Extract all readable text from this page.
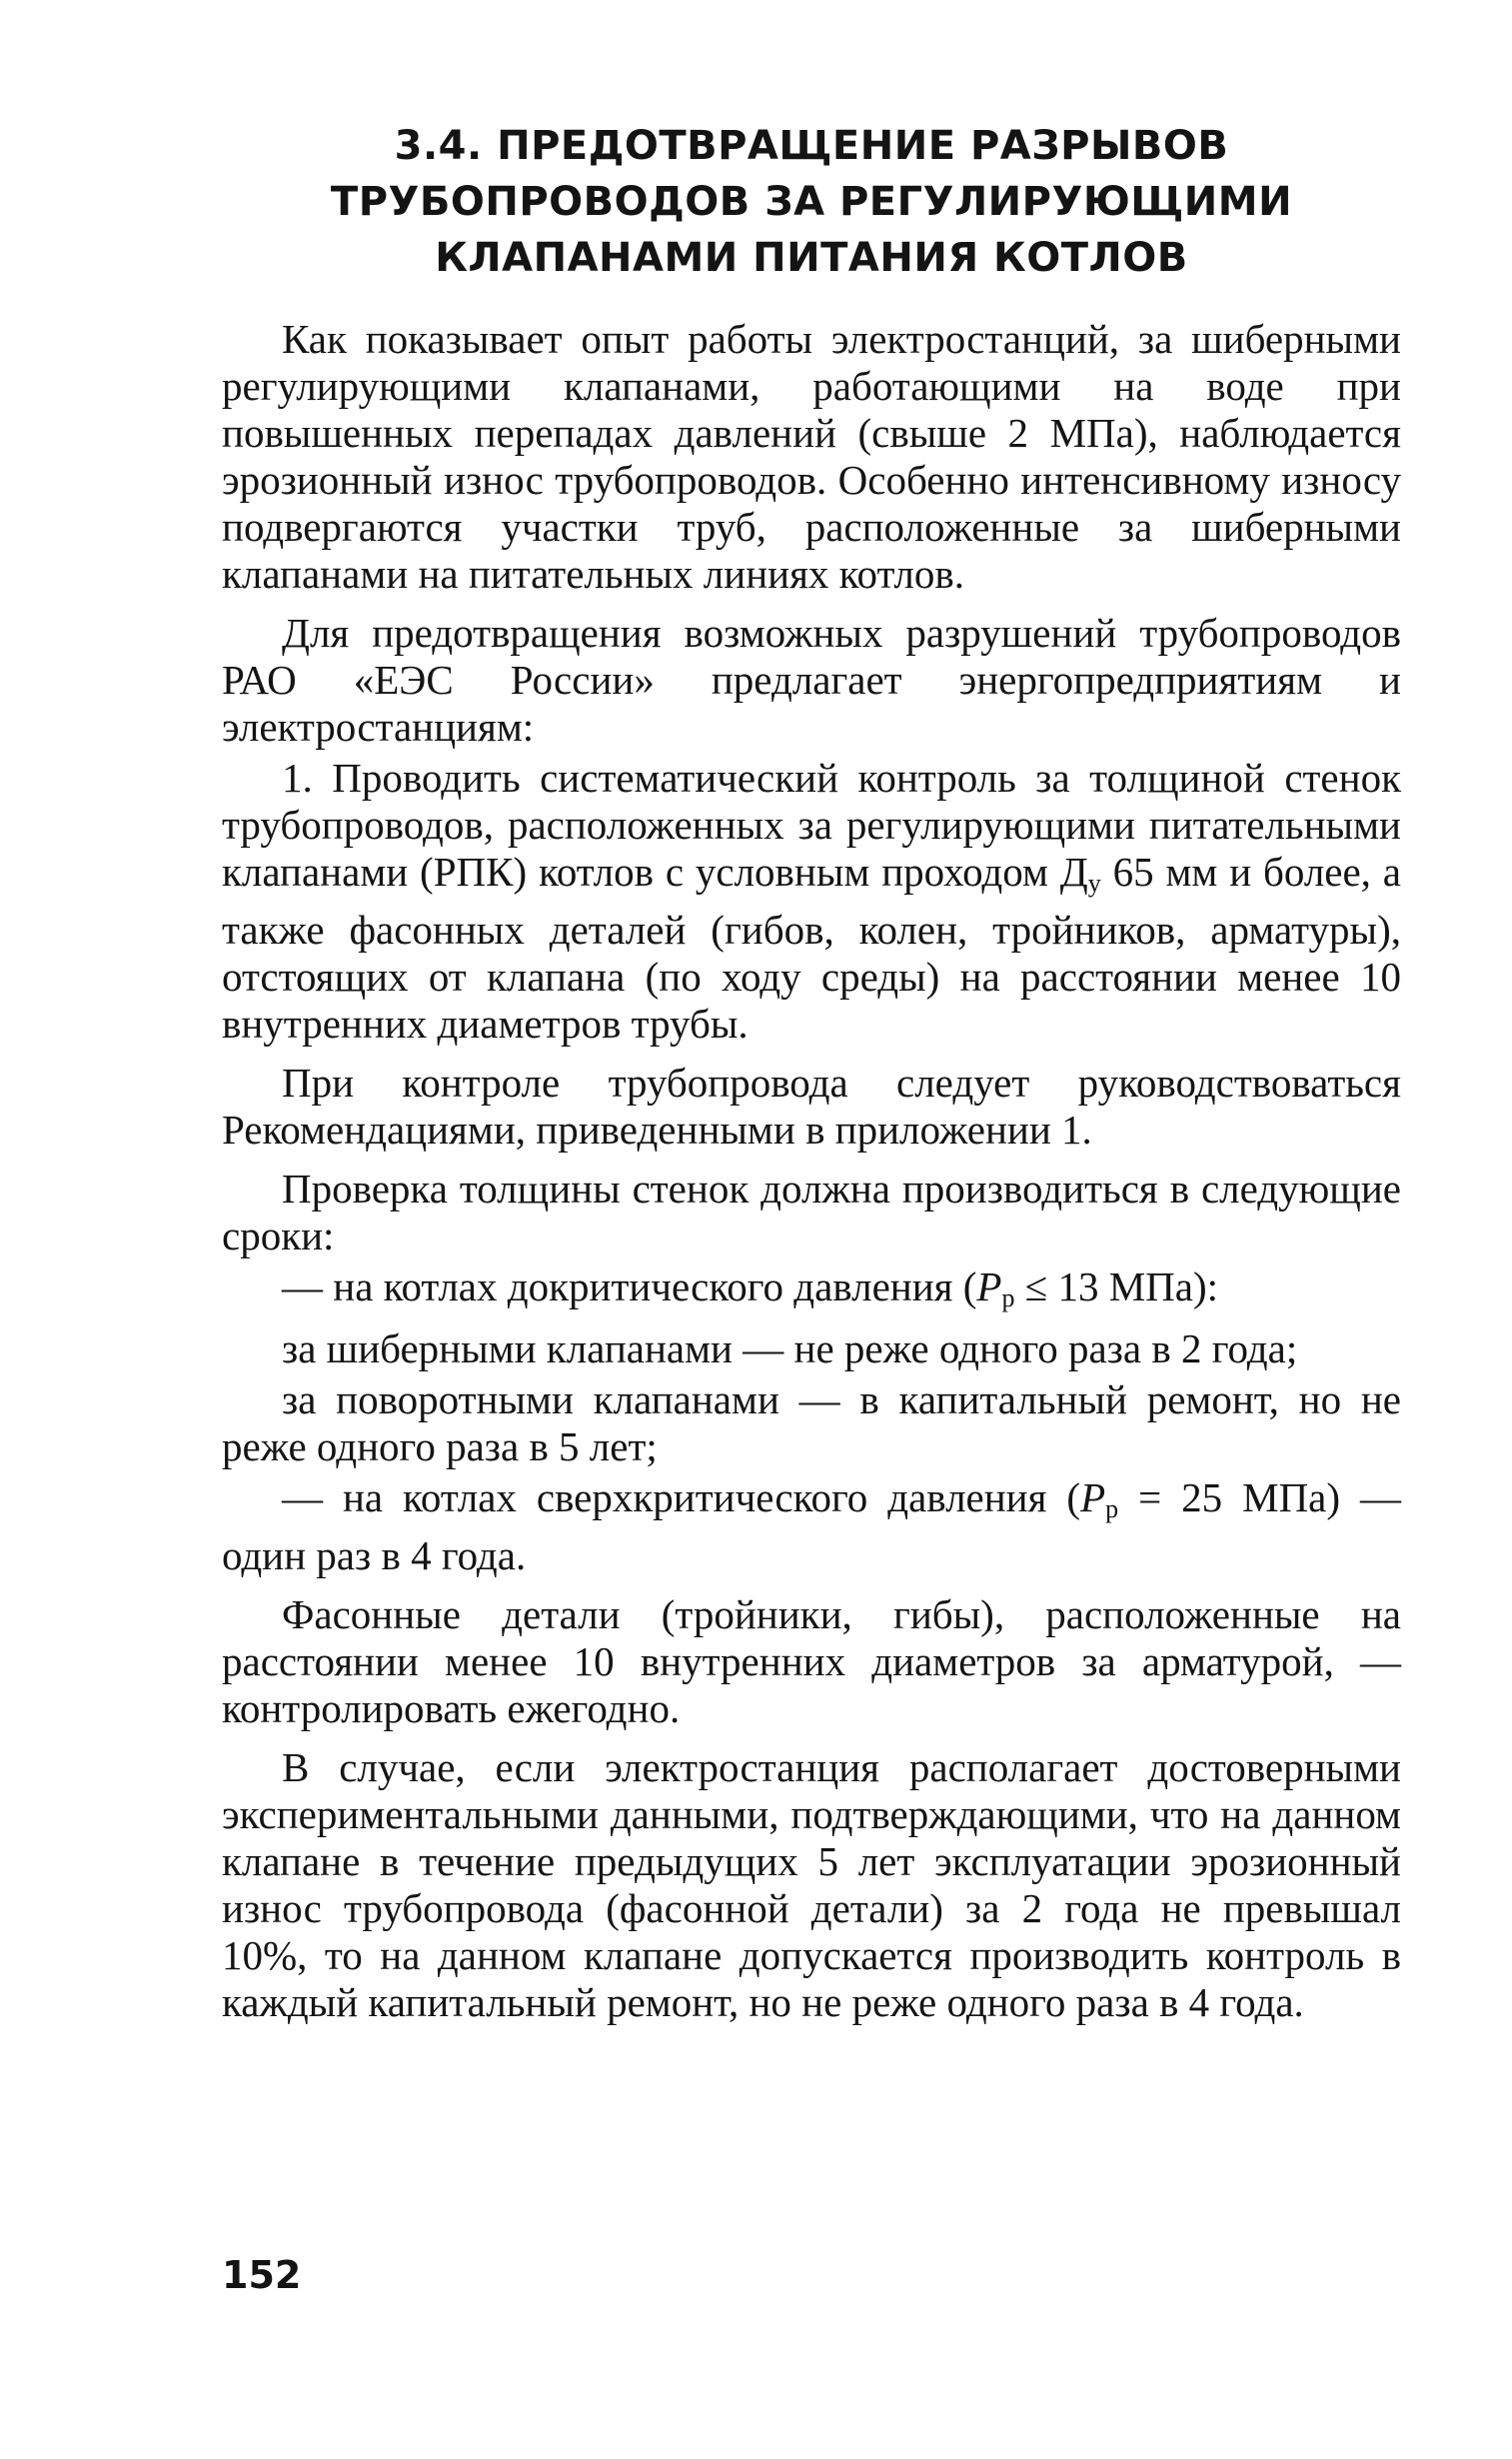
3.4. ПРЕДОТВРАЩЕНИЕ РАЗРЫВОВ
ТРУБОПРОВОДОВ ЗА РЕГУЛИРУЮЩИМИ
КЛАПАНАМИ ПИТАНИЯ КОТЛОВ

Как показывает опыт работы электростанций, за шиберными регулирующими клапанами, работающими на воде при повышенных перепадах давлений (свыше 2 МПа), наблюдается эрозионный износ трубопроводов. Особенно интенсивному износу подвергаются участки труб, расположенные за шиберными клапанами на питательных линиях котлов.

Для предотвращения возможных разрушений трубопроводов РАО «ЕЭС России» предлагает энергопредприятиям и электростанциям:

1. Проводить систематический контроль за толщиной стенок трубопроводов, расположенных за регулирующими питательными клапанами (РПК) котлов с условным проходом $Д_у$ 65 мм и более, а также фасонных деталей (гибов, колен, тройников, арматуры), отстоящих от клапана (по ходу среды) на расстоянии менее 10 внутренних диаметров трубы.

При контроле трубопровода следует руководствоваться Рекомендациями, приведенными в приложении 1.

Проверка толщины стенок должна производиться в следующие сроки:

— на котлах докритического давления ($P_р \le 13$ МПа):

за шиберными клапанами — не реже одного раза в 2 года;

за поворотными клапанами — в капитальный ремонт, но не реже одного раза в 5 лет;

— на котлах сверхкритического давления ($P_р = 25$ МПа) — один раз в 4 года.

Фасонные детали (тройники, гибы), расположенные на расстоянии менее 10 внутренних диаметров за арматурой, — контролировать ежегодно.

В случае, если электростанция располагает достоверными экспериментальными данными, подтверждающими, что на данном клапане в течение предыдущих 5 лет эксплуатации эрозионный износ трубопровода (фасонной детали) за 2 года не превышал 10%, то на данном клапане допускается производить контроль в каждый капитальный ремонт, но не реже одного раза в 4 года.

152
